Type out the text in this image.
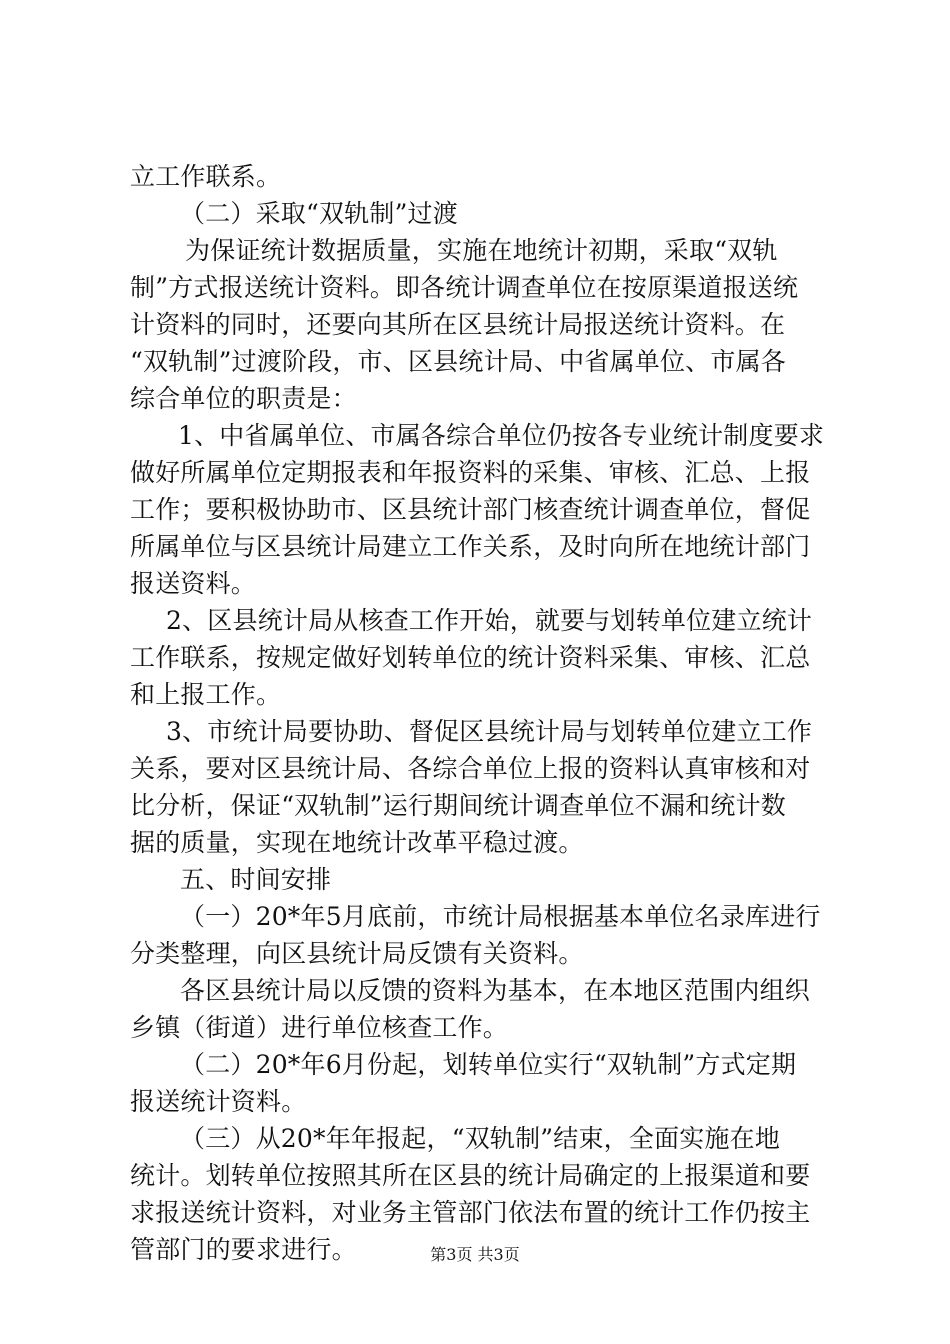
立工作联系。
（二）采取“双轨制”过渡
为保证统计数据质量，实施在地统计初期，采取“双轨
制”方式报送统计资料。即各统计调查单位在按原渠道报送统
计资料的同时，还要向其所在区县统计局报送统计资料。在
“双轨制”过渡阶段，市、区县统计局、中省属单位、市属各
综合单位的职责是：
1、中省属单位、市属各综合单位仍按各专业统计制度要求
做好所属单位定期报表和年报资料的采集、审核、汇总、上报
工作；要积极协助市、区县统计部门核查统计调查单位，督促
所属单位与区县统计局建立工作关系，及时向所在地统计部门
报送资料。
2、区县统计局从核查工作开始，就要与划转单位建立统计
工作联系，按规定做好划转单位的统计资料采集、审核、汇总
和上报工作。
3、市统计局要协助、督促区县统计局与划转单位建立工作
关系，要对区县统计局、各综合单位上报的资料认真审核和对
比分析，保证“双轨制”运行期间统计调查单位不漏和统计数
据的质量，实现在地统计改革平稳过渡。
五、时间安排
（一）20*年5月底前，市统计局根据基本单位名录库进行
分类整理，向区县统计局反馈有关资料。
各区县统计局以反馈的资料为基本，在本地区范围内组织
乡镇（街道）进行单位核查工作。
（二）20*年6月份起，划转单位实行“双轨制”方式定期
报送统计资料。
（三）从20*年年报起，“双轨制”结束，全面实施在地
统计。划转单位按照其所在区县的统计局确定的上报渠道和要
求报送统计资料，对业务主管部门依法布置的统计工作仍按主
管部门的要求进行。	第3页 共3页
